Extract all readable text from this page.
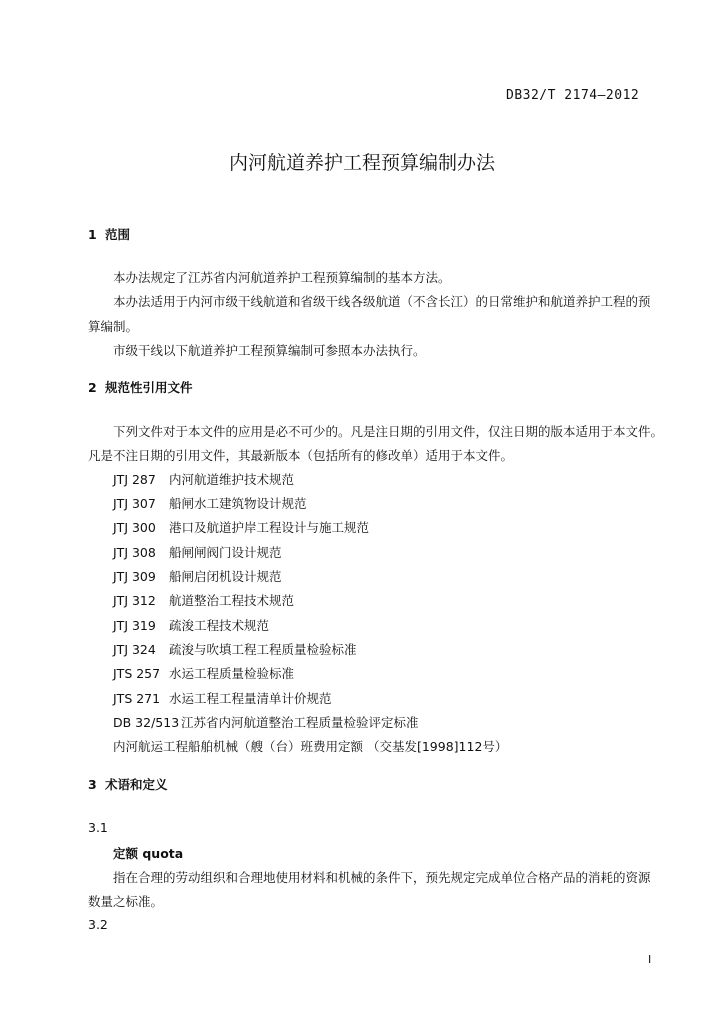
DB32/T 2174—2012
内河航道养护工程预算编制办法
1 范围
本办法规定了江苏省内河航道养护工程预算编制的基本方法。
本办法适用于内河市级干线航道和省级干线各级航道（不含长江）的日常维护和航道养护工程的预
算编制。
市级干线以下航道养护工程预算编制可参照本办法执行。
2 规范性引用文件
下列文件对于本文件的应用是必不可少的。凡是注日期的引用文件，仅注日期的版本适用于本文件。
凡是不注日期的引用文件，其最新版本（包括所有的修改单）适用于本文件。
JTJ 287 内河航道维护技术规范
JTJ 307 船闸水工建筑物设计规范
JTJ 300 港口及航道护岸工程设计与施工规范
JTJ 308 船闸闸阀门设计规范
JTJ 309 船闸启闭机设计规范
JTJ 312 航道整治工程技术规范
JTJ 319 疏浚工程技术规范
JTJ 324 疏浚与吹填工程工程质量检验标准
JTS 257 水运工程质量检验标准
JTS 271 水运工程工程量清单计价规范
DB 32/513 江苏省内河航道整治工程质量检验评定标准
内河航运工程船舶机械（艘（台）班费用定额 （交基发[1998]112号）
3 术语和定义
3.1
定额 quota
指在合理的劳动组织和合理地使用材料和机械的条件下，预先规定完成单位合格产品的消耗的资源
数量之标准。
3.2
I
